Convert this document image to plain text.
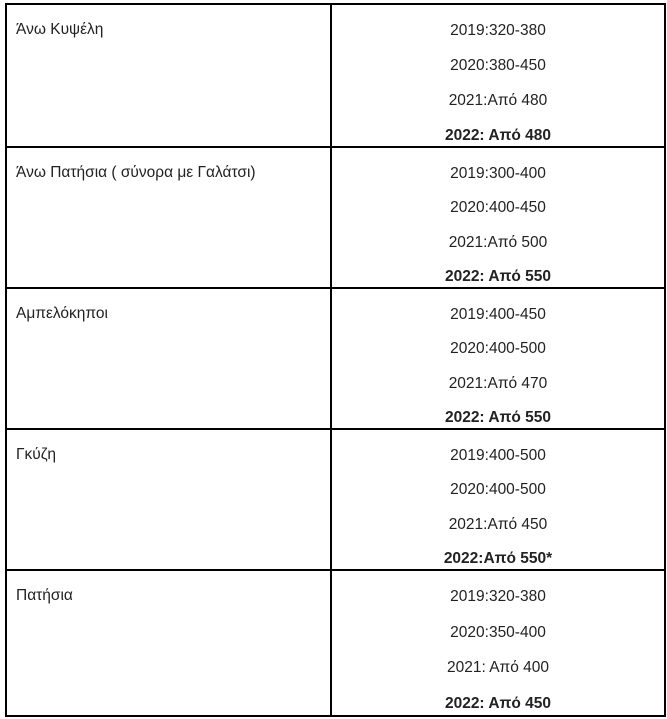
Άνω Κυψέλη	2019:320-380
2020:380-450
2021:Από 480
2022: Από 480
Άνω Πατήσια ( σύνορα με Γαλάτσι)	2019:300-400
2020:400-450
2021:Από 500
2022: Από 550
Αμπελόκηποι	2019:400-450
2020:400-500
2021:Από 470
2022: Από 550
Γκύζη	2019:400-500
2020:400-500
2021:Από 450
2022:Από 550*
Πατήσια	2019:320-380
2020:350-400
2021: Από 400
2022: Από 450
